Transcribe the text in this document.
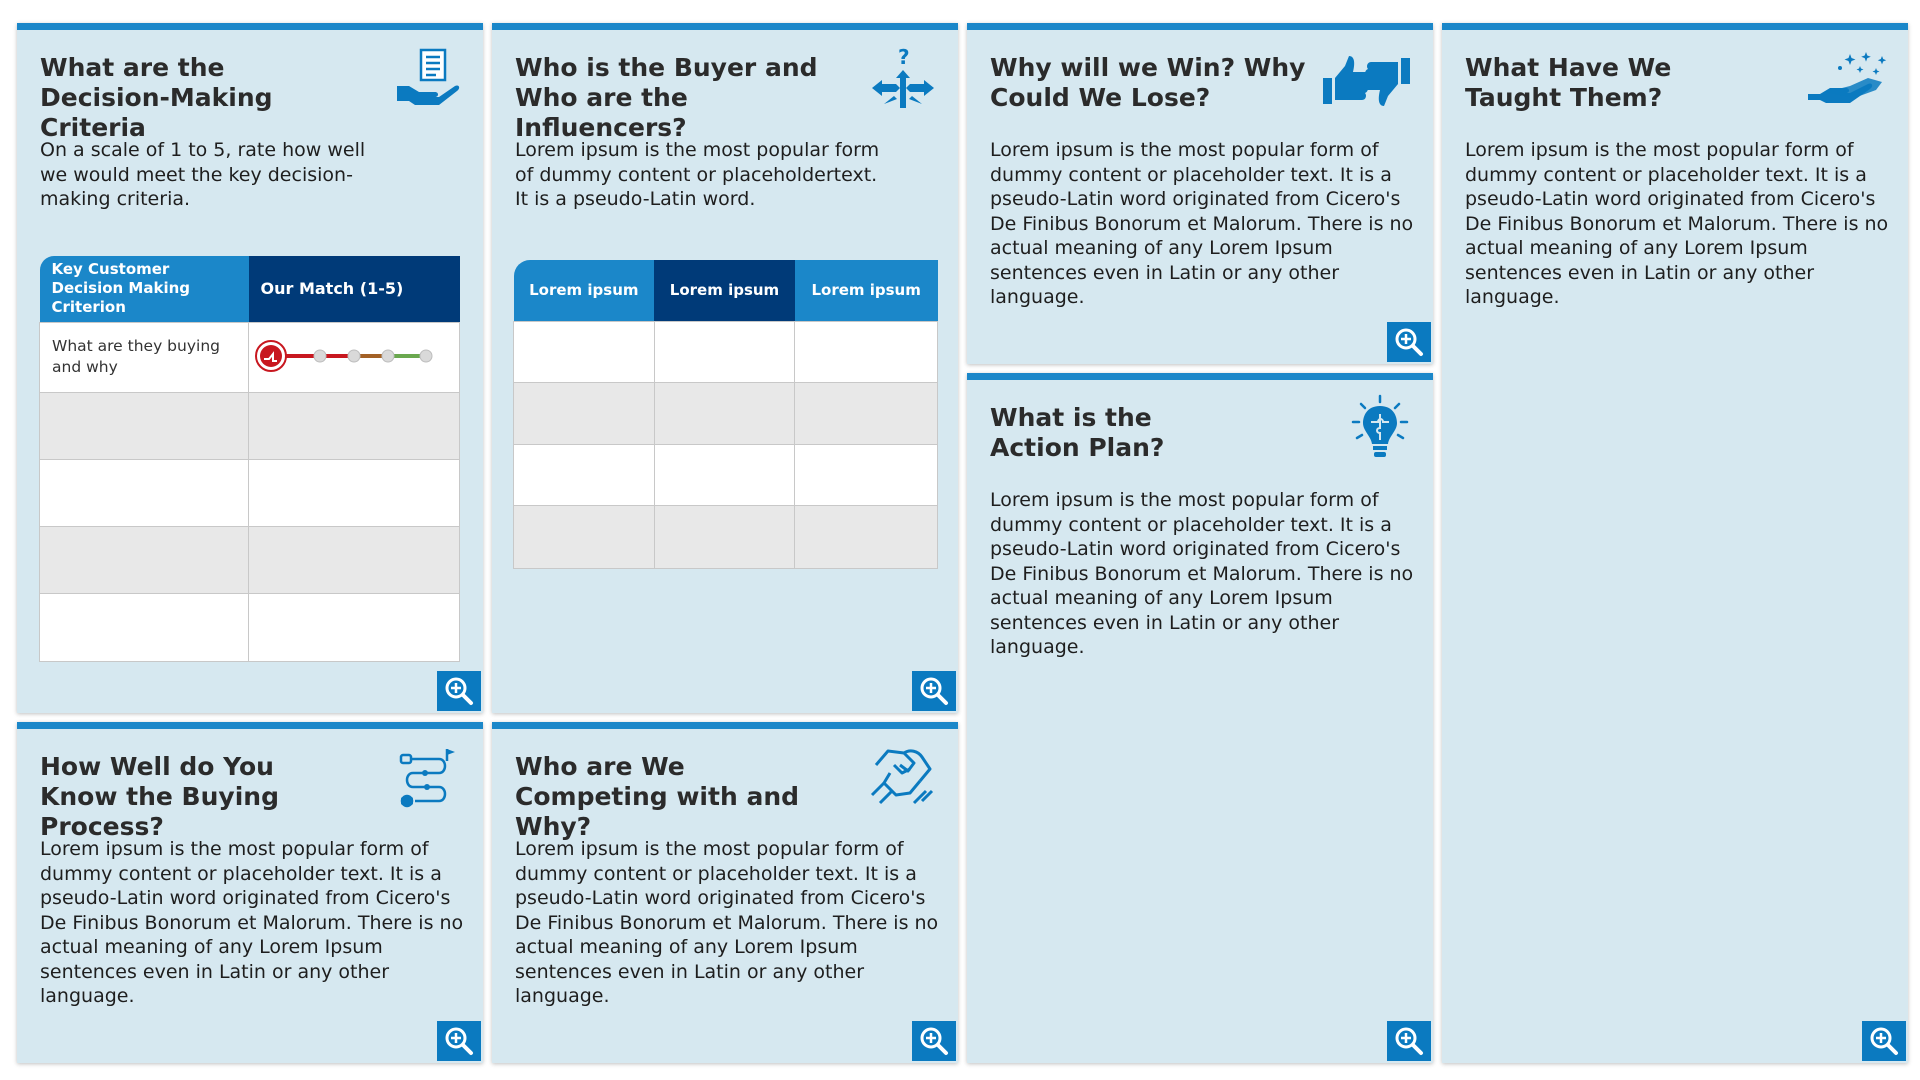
What are the Decision-Making Criteria
On a scale of 1 to 5, rate how well we would meet the key decision-making criteria.
Key Customer Decision Making Criterion	Our Match (1-5)
What are they buying and why	

Who is the Buyer and Who are the Influencers?
?
Lorem ipsum is the most popular form of dummy content or placeholdertext. It is a pseudo-Latin word.
Lorem ipsum	Lorem ipsum	Lorem ipsum

Why will we Win? Why Could We Lose?
Lorem ipsum is the most popular form of dummy content or placeholder text. It is a pseudo-Latin word originated from Cicero's De Finibus Bonorum et Malorum. There is no actual meaning of any Lorem Ipsum sentences even in Latin or any other language.
What Have We Taught Them?
Lorem ipsum is the most popular form of dummy content or placeholder text. It is a pseudo-Latin word originated from Cicero's De Finibus Bonorum et Malorum. There is no actual meaning of any Lorem Ipsum sentences even in Latin or any other language.
What is the Action Plan?
Lorem ipsum is the most popular form of dummy content or placeholder text. It is a pseudo-Latin word originated from Cicero's De Finibus Bonorum et Malorum. There is no actual meaning of any Lorem Ipsum sentences even in Latin or any other language.
How Well do You Know the Buying Process?
Lorem ipsum is the most popular form of dummy content or placeholder text. It is a pseudo-Latin word originated from Cicero's De Finibus Bonorum et Malorum. There is no actual meaning of any Lorem Ipsum sentences even in Latin or any other language.
Who are We Competing with and Why?
Lorem ipsum is the most popular form of dummy content or placeholder text. It is a pseudo-Latin word originated from Cicero's De Finibus Bonorum et Malorum. There is no actual meaning of any Lorem Ipsum sentences even in Latin or any other language.
